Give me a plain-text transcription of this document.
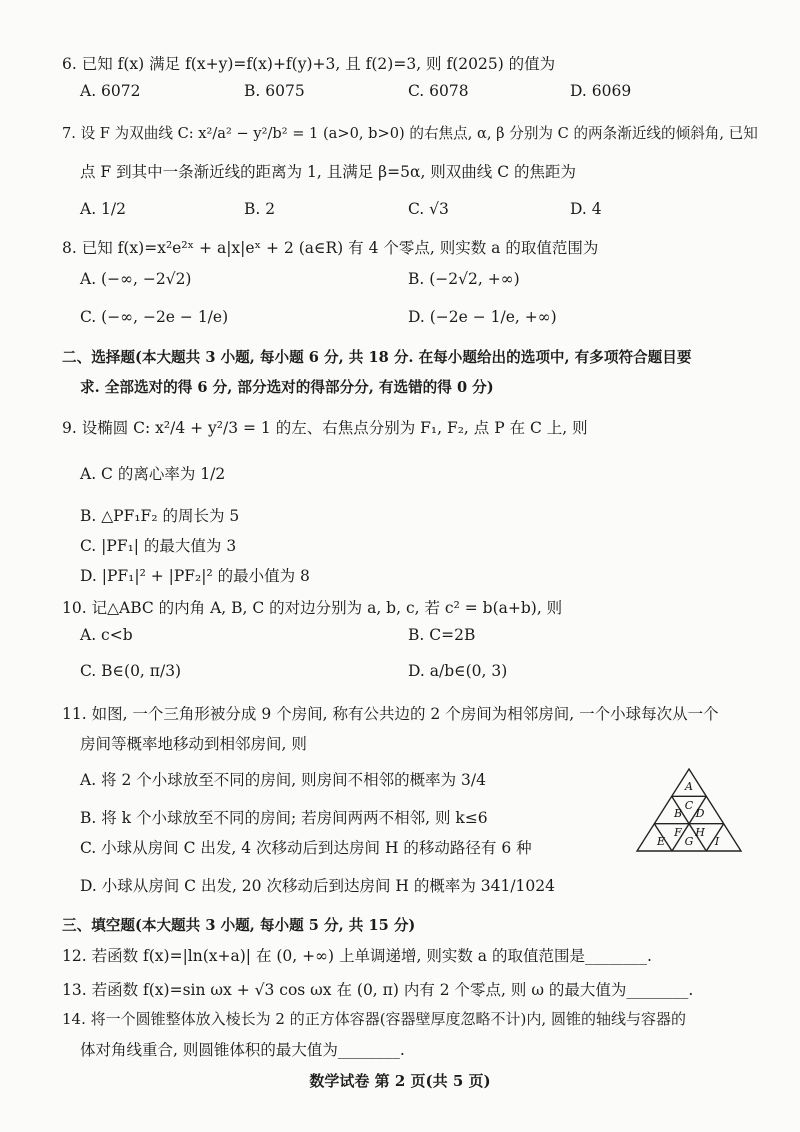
6. 已知 f(x) 满足 f(x+y)=f(x)+f(y)+3, 且 f(2)=3, 则 f(2025) 的值为
A. 6072	B. 6075	C. 6078	D. 6069
7. 设 F 为双曲线 C: x²/a² − y²/b² = 1 (a>0, b>0) 的右焦点, α, β 分别为 C 的两条渐近线的倾斜角, 已知
点 F 到其中一条渐近线的距离为 1, 且满足 β=5α, 则双曲线 C 的焦距为
A. 1/2	B. 2	C. √3	D. 4
8. 已知 f(x)=x²e²ˣ + a|x|eˣ + 2 (a∈R) 有 4 个零点, 则实数 a 的取值范围为
A. (−∞, −2√2)	B. (−2√2, +∞)
C. (−∞, −2e − 1/e)	D. (−2e − 1/e, +∞)
二、选择题(本大题共 3 小题, 每小题 6 分, 共 18 分. 在每小题给出的选项中, 有多项符合题目要
求. 全部选对的得 6 分, 部分选对的得部分分, 有选错的得 0 分)
9. 设椭圆 C: x²/4 + y²/3 = 1 的左、右焦点分别为 F₁, F₂, 点 P 在 C 上, 则
A. C 的离心率为 1/2
B. △PF₁F₂ 的周长为 5
C. |PF₁| 的最大值为 3
D. |PF₁|² + |PF₂|² 的最小值为 8
10. 记△ABC 的内角 A, B, C 的对边分别为 a, b, c, 若 c² = b(a+b), 则
A. c<b	B. C=2B
C. B∈(0, π/3)	D. a/b∈(0, 3)
11. 如图, 一个三角形被分成 9 个房间, 称有公共边的 2 个房间为相邻房间, 一个小球每次从一个
房间等概率地移动到相邻房间, 则
A. 将 2 个小球放至不同的房间, 则房间不相邻的概率为 3/4
B. 将 k 个小球放至不同的房间; 若房间两两不相邻, 则 k≤6
C. 小球从房间 C 出发, 4 次移动后到达房间 H 的移动路径有 6 种
D. 小球从房间 C 出发, 20 次移动后到达房间 H 的概率为 341/1024
A
B
C
D
E
F
G
H
I
三、填空题(本大题共 3 小题, 每小题 5 分, 共 15 分)
12. 若函数 f(x)=|ln(x+a)| 在 (0, +∞) 上单调递增, 则实数 a 的取值范围是________.
13. 若函数 f(x)=sin ωx + √3 cos ωx 在 (0, π) 内有 2 个零点, 则 ω 的最大值为________.
14. 将一个圆锥整体放入棱长为 2 的正方体容器(容器壁厚度忽略不计)内, 圆锥的轴线与容器的
体对角线重合, 则圆锥体积的最大值为________.
数学试卷 第 2 页(共 5 页)
